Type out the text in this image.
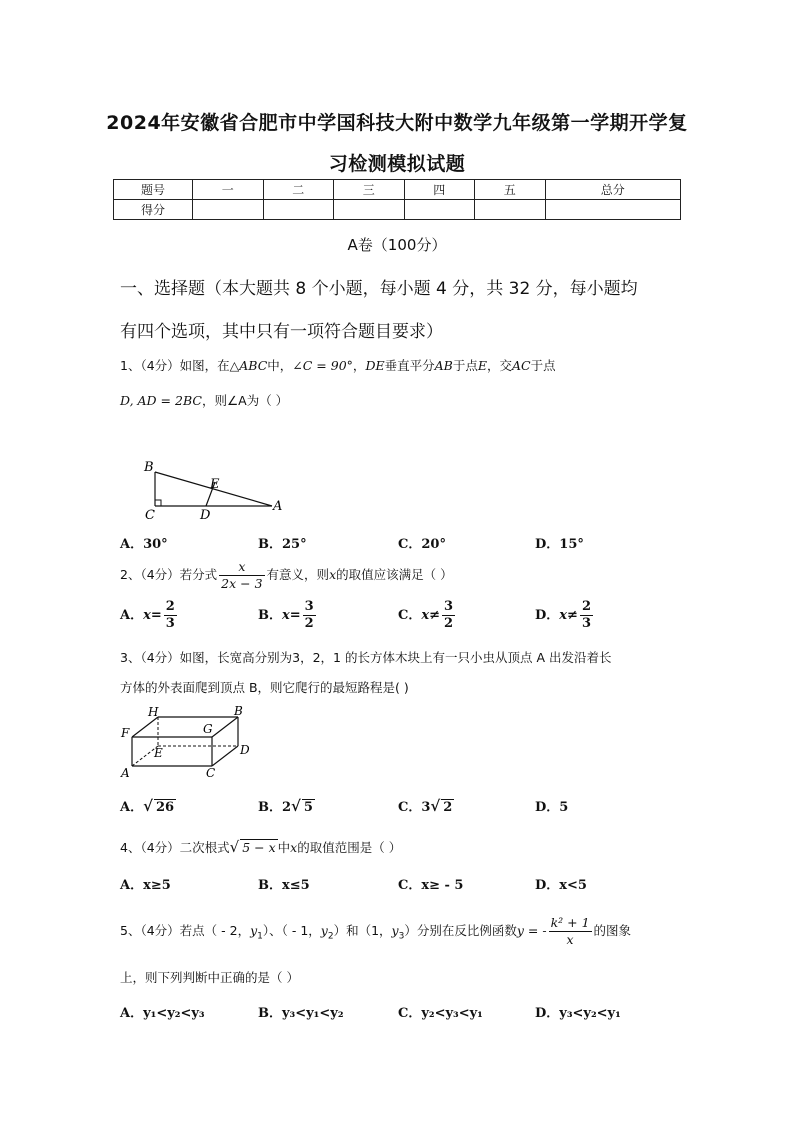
2024年安徽省合肥市中学国科技大附中数学九年级第一学期开学复
习检测模拟试题
题号	一	二	三	四	五	总分
得分						
A卷（100分）
一、选择题（本大题共 8 个小题，每小题 4 分，共 32 分，每小题均
有四个选项，其中只有一项符合题目要求）
1、（4分）如图，在△ABC中，∠C = 90°，DE垂直平分AB于点E，交AC于点
D, AD = 2BC，则∠A为（ ）
B
E
A
C	D
A．30°	B．25°	C．20°	D．15°
2、（4分）若分式 $\frac{x}{2x - 3}$ 有意义，则x的取值应该满足（ ）
A．$x= \frac{2}{3}$	B．$x= \frac{3}{2}$	C．$x\ne \frac{3}{2}$	D．$x\ne \frac{2}{3}$
3、（4分）如图，长宽高分别为3，2，1 的长方体木块上有一只小虫从顶点 A 出发沿着长
方体的外表面爬到顶点 B，则它爬行的最短路程是( )
H	B
G
F
E	D
A	C
A．√ 26	B．2√ 5	C．3√ 2	D．5
4、（4分）二次根式√ 5 − x 中x的取值范围是（ ）
A．x≥5	B．x≤5	C．x≥ - 5	D．x<5
5、（4分）若点（ - 2，$y_1$）、（ - 1，$y_2$）和（1，$y_3$）分别在反比例函数y = - $\frac{\text{k² + 1}}{x}$ 的图象
上，则下列判断中正确的是（ ）
A．y₁<y₂<y₃	B．y₃<y₁<y₂	C．y₂<y₃<y₁	D．y₃<y₂<y₁
